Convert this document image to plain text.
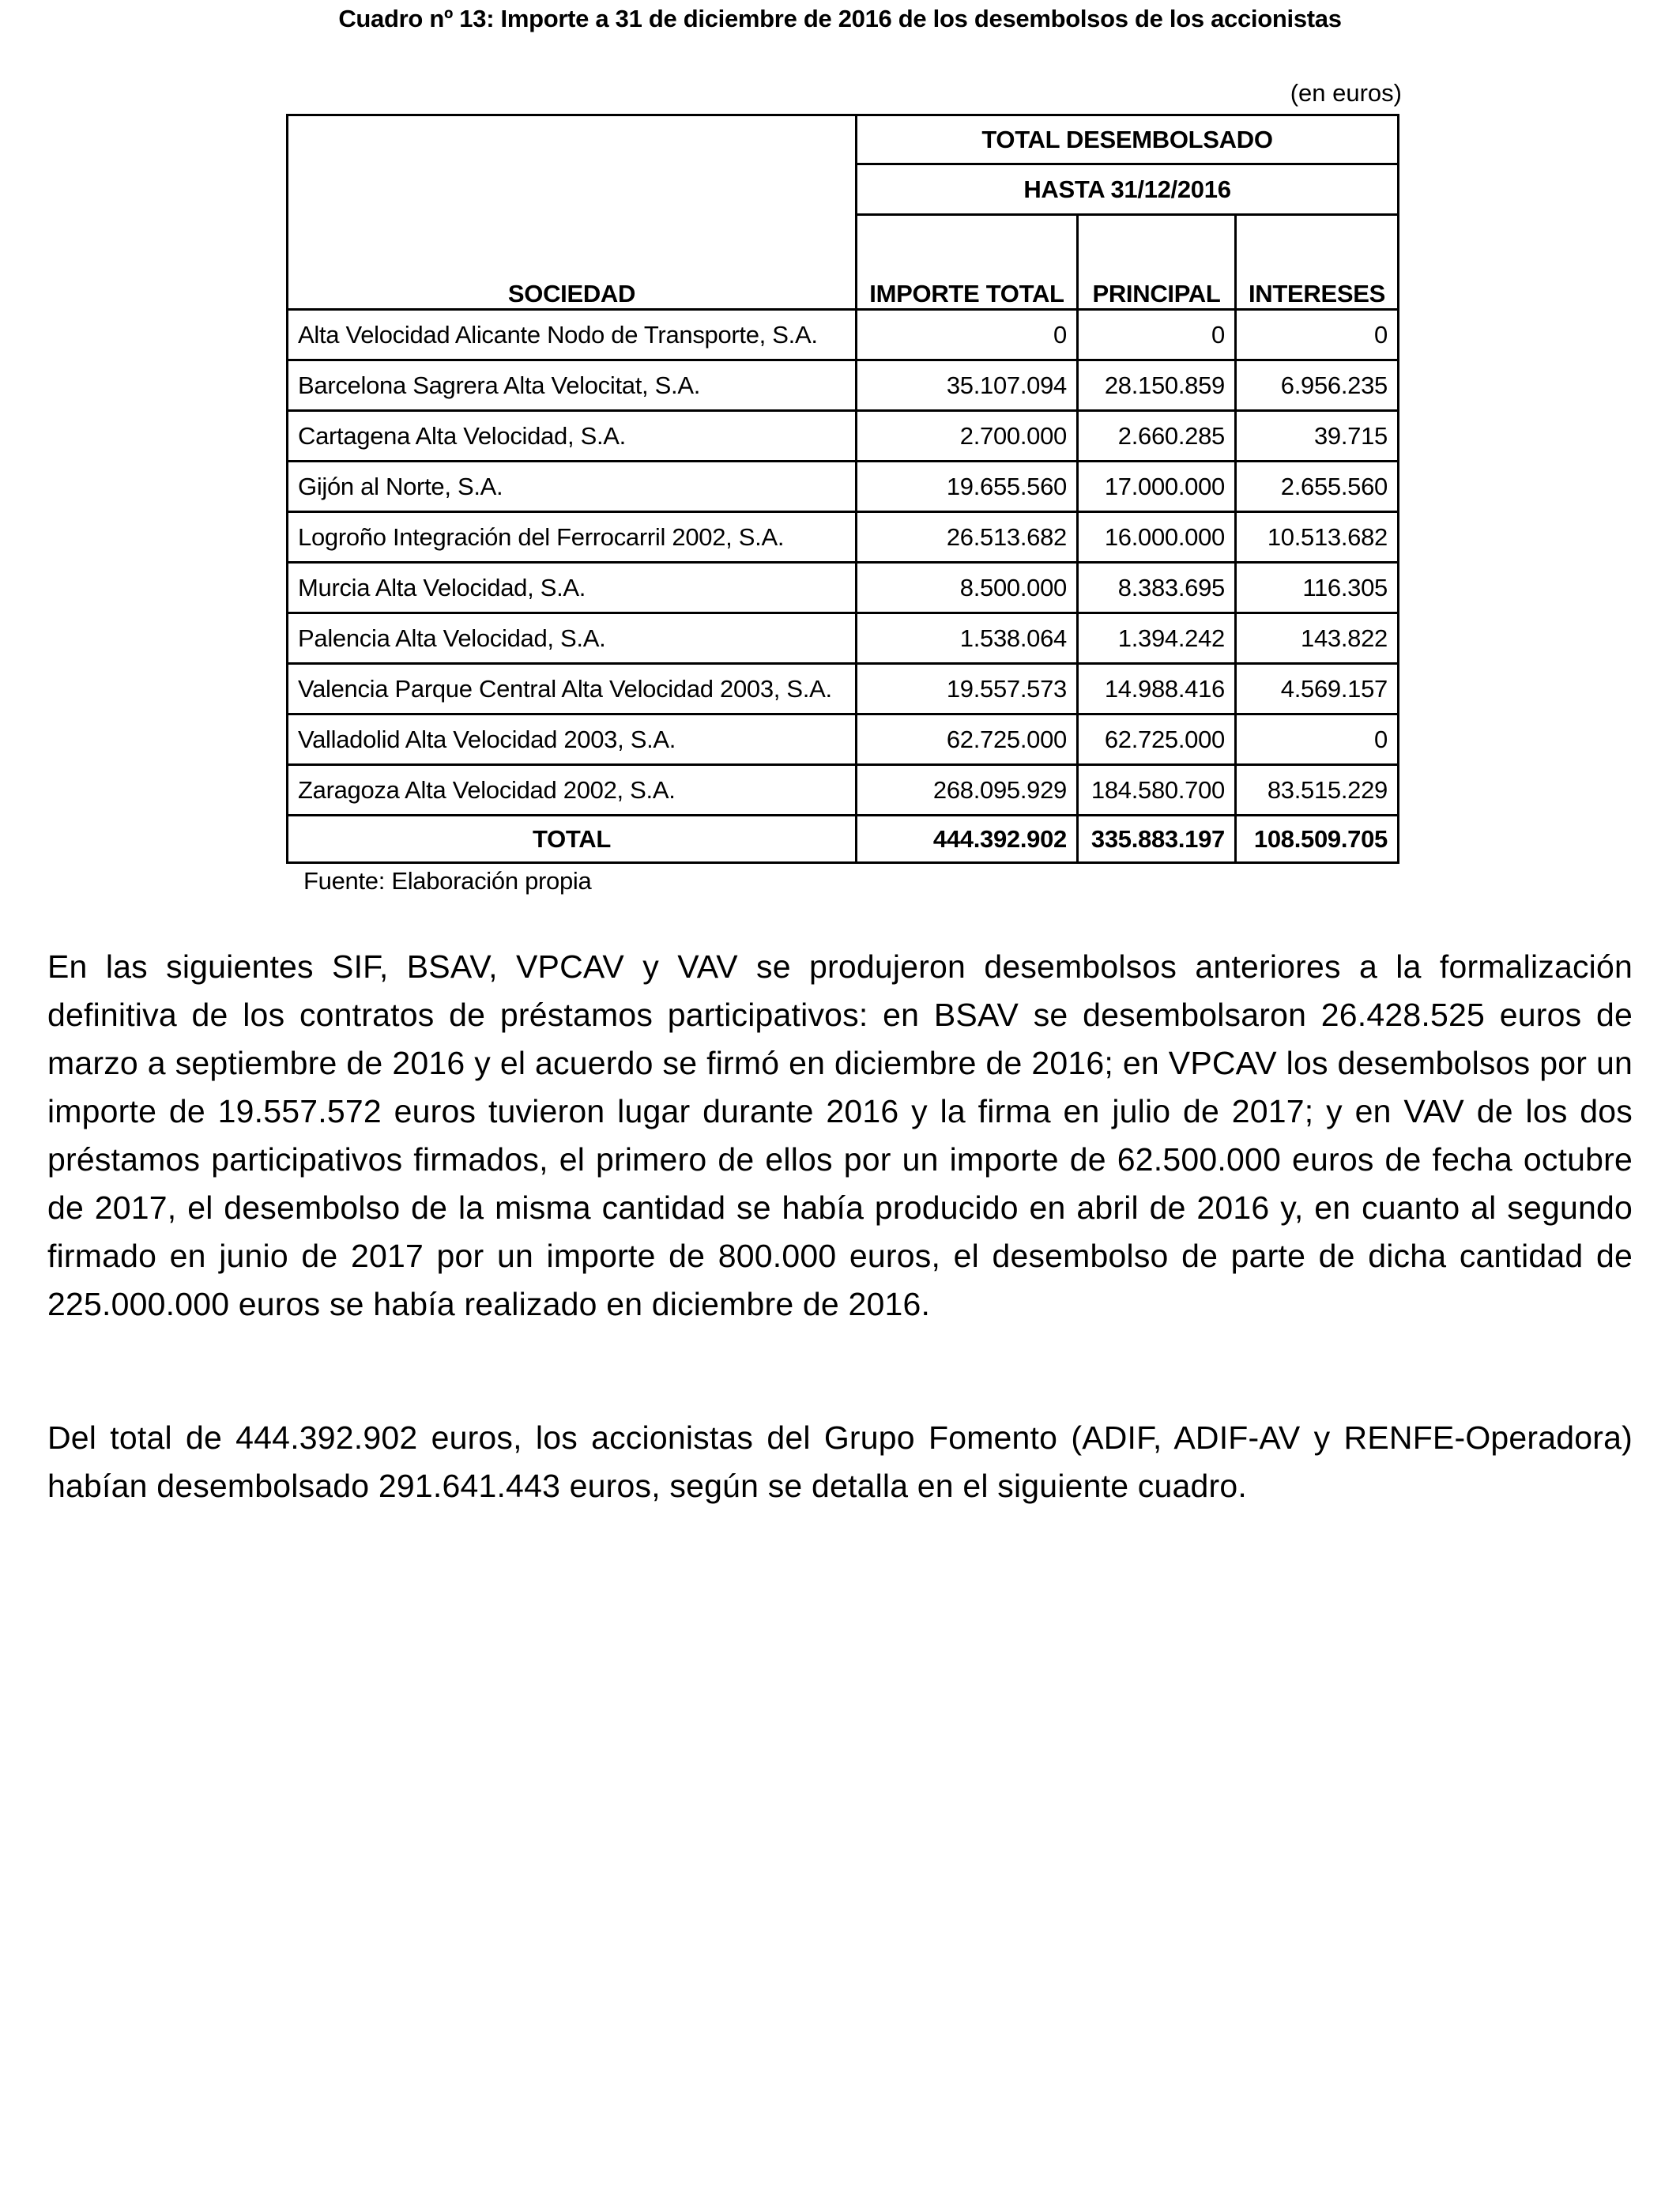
Cuadro nº 13: Importe a 31 de diciembre de 2016 de los desembolsos de los accionistas
(en euros)
SOCIEDAD	TOTAL DESEMBOLSADO		
	HASTA 31/12/2016		
	IMPORTE TOTAL	PRINCIPAL	INTERESES
Alta Velocidad Alicante Nodo de Transporte, S.A.	0	0	0
Barcelona Sagrera Alta Velocitat, S.A.	35.107.094	28.150.859	6.956.235
Cartagena Alta Velocidad, S.A.	2.700.000	2.660.285	39.715
Gijón al Norte, S.A.	19.655.560	17.000.000	2.655.560
Logroño Integración del Ferrocarril 2002, S.A.	26.513.682	16.000.000	10.513.682
Murcia Alta Velocidad, S.A.	8.500.000	8.383.695	116.305
Palencia Alta Velocidad, S.A.	1.538.064	1.394.242	143.822
Valencia Parque Central Alta Velocidad 2003, S.A.	19.557.573	14.988.416	4.569.157
Valladolid Alta Velocidad 2003, S.A.	62.725.000	62.725.000	0
Zaragoza Alta Velocidad 2002, S.A.	268.095.929	184.580.700	83.515.229
TOTAL	444.392.902	335.883.197	108.509.705
Fuente: Elaboración propia

En las siguientes SIF, BSAV, VPCAV y VAV se produjeron desembolsos anteriores a la formalización definitiva de los contratos de préstamos participativos: en BSAV se desembolsaron 26.428.525 euros de marzo a septiembre de 2016 y el acuerdo se firmó en diciembre de 2016; en VPCAV los desembolsos por un importe de 19.557.572 euros tuvieron lugar durante 2016 y la firma en julio de 2017; y en VAV de los dos préstamos participativos firmados, el primero de ellos por un importe de 62.500.000 euros de fecha octubre de 2017, el desembolso de la misma cantidad se había producido en abril de 2016 y, en cuanto al segundo firmado en junio de 2017 por un importe de 800.000 euros, el desembolso de parte de dicha cantidad de 225.000.000 euros se había realizado en diciembre de 2016.

Del total de 444.392.902 euros, los accionistas del Grupo Fomento (ADIF, ADIF-AV y RENFE-Operadora) habían desembolsado 291.641.443 euros, según se detalla en el siguiente cuadro.
